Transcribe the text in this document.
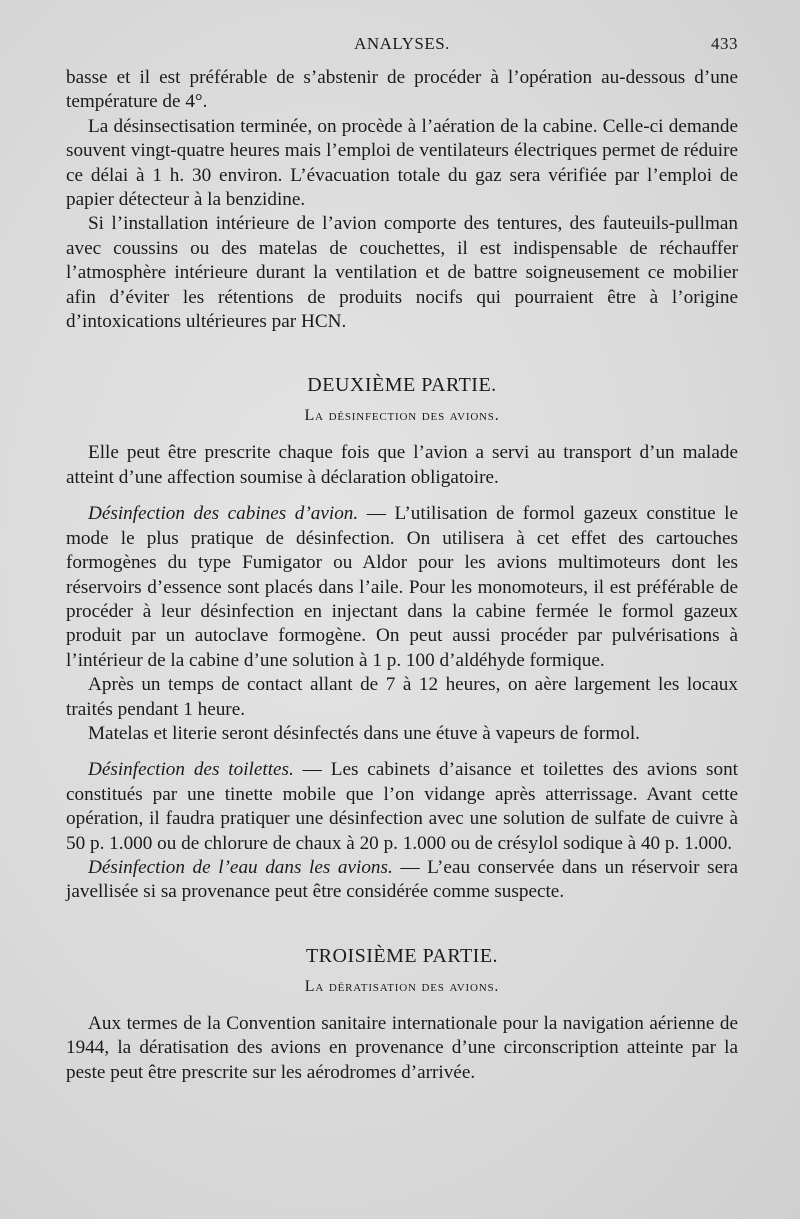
ANALYSES.	433

basse et il est préférable de s’abstenir de procéder à l’opération au-dessous d’une température de 4°.

La désinsectisation terminée, on procède à l’aération de la cabine. Celle-ci demande souvent vingt-quatre heures mais l’emploi de ventilateurs électriques permet de réduire ce délai à 1 h. 30 environ. L’évacuation totale du gaz sera vérifiée par l’emploi de papier détecteur à la benzidine.

Si l’installation intérieure de l’avion comporte des tentures, des fauteuils-pullman avec coussins ou des matelas de couchettes, il est indispensable de réchauffer l’atmosphère intérieure durant la ventilation et de battre soigneusement ce mobilier afin d’éviter les rétentions de produits nocifs qui pourraient être à l’origine d’intoxications ultérieures par HCN.

DEUXIÈME PARTIE.
La désinfection des avions.

Elle peut être prescrite chaque fois que l’avion a servi au transport d’un malade atteint d’une affection soumise à déclaration obligatoire.

Désinfection des cabines d’avion. — L’utilisation de formol gazeux constitue le mode le plus pratique de désinfection. On utilisera à cet effet des cartouches formogènes du type Fumigator ou Aldor pour les avions multimoteurs dont les réservoirs d’essence sont placés dans l’aile. Pour les monomoteurs, il est préférable de procéder à leur désinfection en injectant dans la cabine fermée le formol gazeux produit par un autoclave formogène. On peut aussi procéder par pulvérisations à l’intérieur de la cabine d’une solution à 1 p. 100 d’aldéhyde formique.

Après un temps de contact allant de 7 à 12 heures, on aère largement les locaux traités pendant 1 heure.

Matelas et literie seront désinfectés dans une étuve à vapeurs de formol.

Désinfection des toilettes. — Les cabinets d’aisance et toilettes des avions sont constitués par une tinette mobile que l’on vidange après atterrissage. Avant cette opération, il faudra pratiquer une désinfection avec une solution de sulfate de cuivre à 50 p. 1.000 ou de chlorure de chaux à 20 p. 1.000 ou de crésylol sodique à 40 p. 1.000.

Désinfection de l’eau dans les avions. — L’eau conservée dans un réservoir sera javellisée si sa provenance peut être considérée comme suspecte.

TROISIÈME PARTIE.
La dératisation des avions.

Aux termes de la Convention sanitaire internationale pour la navigation aérienne de 1944, la dératisation des avions en provenance d’une circonscription atteinte par la peste peut être prescrite sur les aérodromes d’arrivée.
